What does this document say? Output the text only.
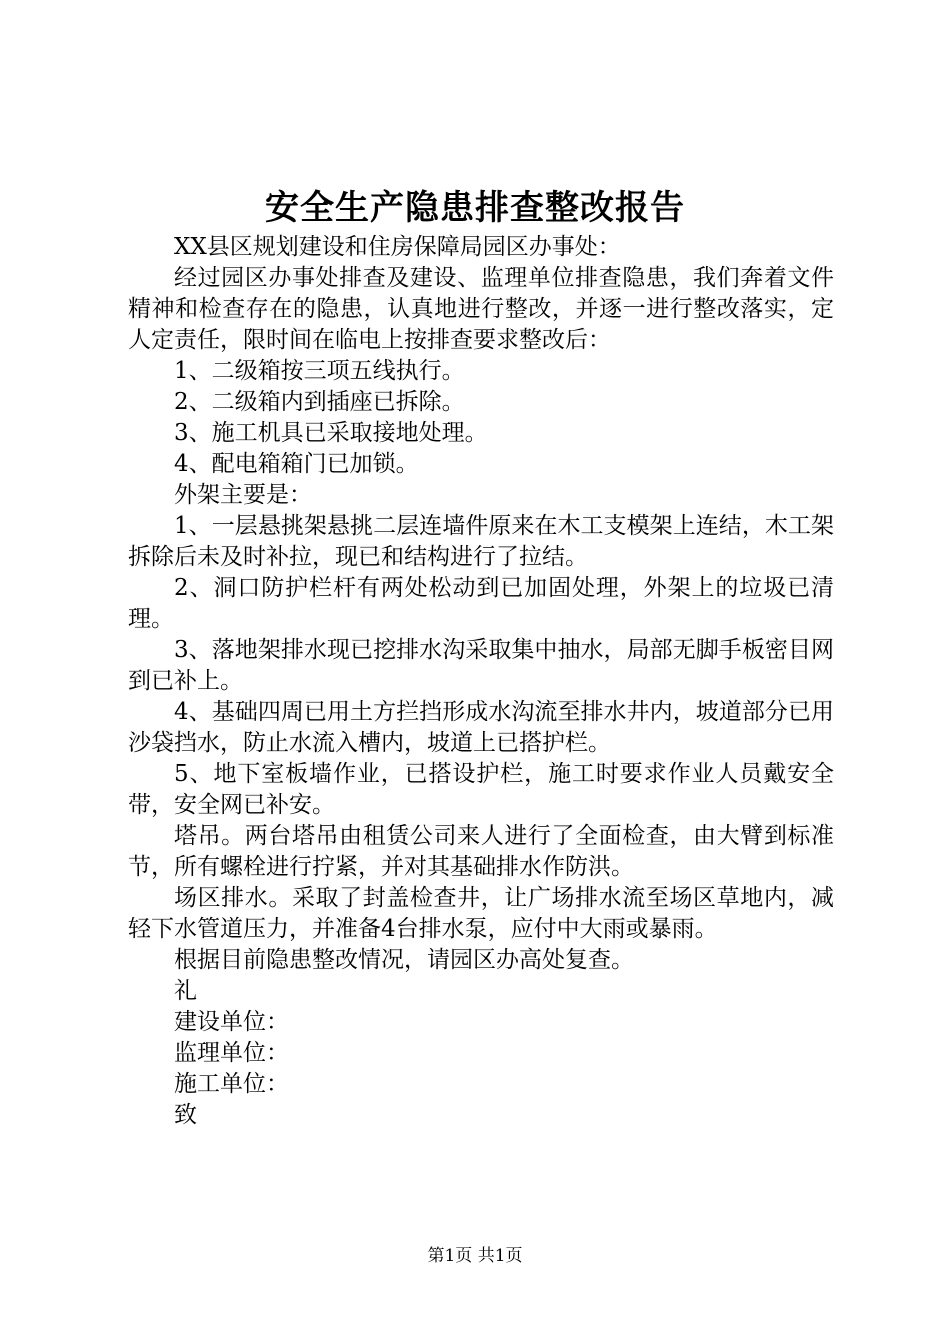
安全生产隐患排查整改报告

XX县区规划建设和住房保障局园区办事处：

经过园区办事处排查及建设、监理单位排查隐患，我们奔着文件精神和检查存在的隐患，认真地进行整改，并逐一进行整改落实，定人定责任，限时间在临电上按排查要求整改后：

1、二级箱按三项五线执行。

2、二级箱内到插座已拆除。

3、施工机具已采取接地处理。

4、配电箱箱门已加锁。

外架主要是：

1、一层悬挑架悬挑二层连墙件原来在木工支模架上连结，木工架拆除后未及时补拉，现已和结构进行了拉结。

2、洞口防护栏杆有两处松动到已加固处理，外架上的垃圾已清理。

3、落地架排水现已挖排水沟采取集中抽水，局部无脚手板密目网到已补上。

4、基础四周已用土方拦挡形成水沟流至排水井内，坡道部分已用沙袋挡水，防止水流入槽内，坡道上已搭护栏。

5、地下室板墙作业，已搭设护栏，施工时要求作业人员戴安全带，安全网已补安。

塔吊。两台塔吊由租赁公司来人进行了全面检查，由大臂到标准节，所有螺栓进行拧紧，并对其基础排水作防洪。

场区排水。采取了封盖检查井，让广场排水流至场区草地内，减轻下水管道压力，并准备4台排水泵，应付中大雨或暴雨。

根据目前隐患整改情况，请园区办高处复查。

礼

建设单位：

监理单位：

施工单位：

致

第1页 共1页
